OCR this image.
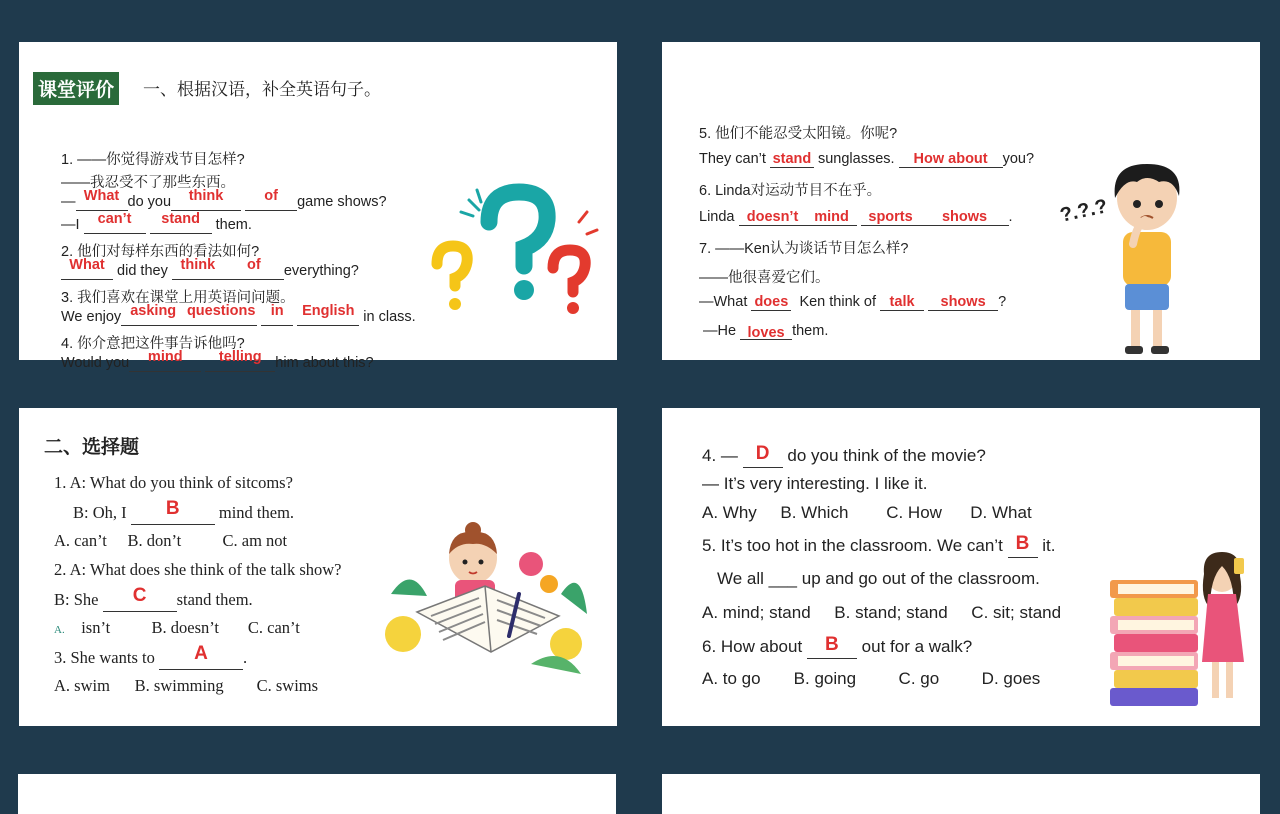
课堂评价 一、根据汉语，补全英语句子。
1. ——你觉得游戏节目怎样?
——我忍受不了那些东西。
— What do you think	of game shows?
—I can’t stand them.
2. 他们对每样东西的看法如何?
What did they think of everything?
3. 我们喜欢在课堂上用英语问问题。
We enjoy asking questions in English in class.
4. 你介意把这件事告诉他吗?
Would you mind	telling him about this?
5. 他们不能忍受太阳镜。你呢?
They can’t stand sunglasses. How about you?
6. Linda对运动节目不在乎。
Linda doesn’t mind sports shows .
7. ——Ken认为谈话节目怎么样?
——他很喜爱它们。
—What does Ken think of talk shows ?
—He loves them.
?.?.?
二、选择题
1. A: What do you think of sitcoms?
B: Oh, I B mind them.
A. can’t     B. don’t          C. am not
2. A: What does she think of the talk show?
B: She C stand them.
A. isn’t          B. doesn’t       C. can’t
3. She wants to A .
A. swim      B. swimming        C. swims
4. — D do you think of the movie?
— It’s very interesting. I like it.
A. Why     B. Which        C. How      D. What
5. It’s too hot in the classroom. We can’t B it.
We all ___ up and go out of the classroom.
A. mind; stand     B. stand; stand     C. sit; stand
6. How about B out for a walk?
A. to go       B. going         C. go         D. goes
